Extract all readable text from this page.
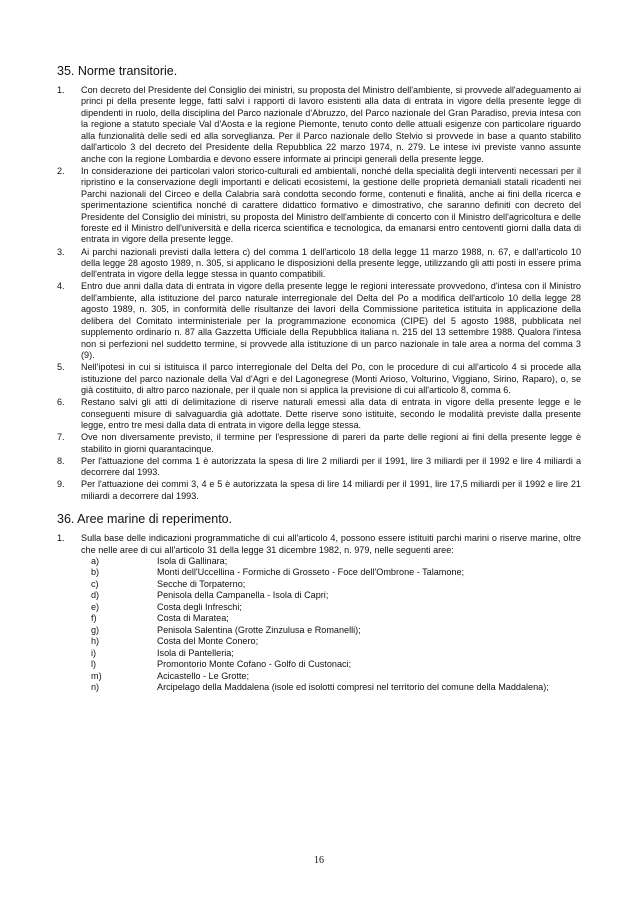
35. Norme transitorie.
1. Con decreto del Presidente del Consiglio dei ministri, su proposta del Ministro dell'ambiente, si provvede all'adeguamento ai princi pi della presente legge, fatti salvi i rapporti di lavoro esistenti alla data di entrata in vigore della presente legge di dipendenti in ruolo, della disciplina del Parco nazionale d'Abruzzo, del Parco nazionale del Gran Paradiso, previa intesa con la regione a statuto speciale Val d'Aosta e la regione Piemonte, tenuto conto delle attuali esigenze con particolare riguardo alla funzionalità delle sedi ed alla sorveglianza. Per il Parco nazionale dello Stelvio si provvede in base a quanto stabilito dall'articolo 3 del decreto del Presidente della Repubblica 22 marzo 1974, n. 279. Le intese ivi previste vanno assunte anche con la regione Lombardia e devono essere informate ai principi generali della presente legge.
2. In considerazione dei particolari valori storico-culturali ed ambientali, nonché della specialità degli interventi necessari per il ripristino e la conservazione degli importanti e delicati ecosistemi, la gestione delle proprietà demaniali statali ricadenti nei Parchi nazionali del Circeo e della Calabria sarà condotta secondo forme, contenuti e finalità, anche ai fini della ricerca e sperimentazione scientifica nonché di carattere didattico formativo e dimostrativo, che saranno definiti con decreto del Presidente del Consiglio dei ministri, su proposta del Ministro dell'ambiente di concerto con il Ministro dell'agricoltura e delle foreste ed il Ministro dell'università e della ricerca scientifica e tecnologica, da emanarsi entro centoventi giorni dalla data di entrata in vigore della presente legge.
3. Ai parchi nazionali previsti dalla lettera c) del comma 1 dell'articolo 18 della legge 11 marzo 1988, n. 67, e dall'articolo 10 della legge 28 agosto 1989, n. 305, si applicano le disposizioni della presente legge, utilizzando gli atti posti in essere prima dell'entrata in vigore della legge stessa in quanto compatibili.
4. Entro due anni dalla data di entrata in vigore della presente legge le regioni interessate provvedono, d'intesa con il Ministro dell'ambiente, alla istituzione del parco naturale interregionale del Delta del Po a modifica dell'articolo 10 della legge 28 agosto 1989, n. 305, in conformità delle risultanze dei lavori della Commissione paritetica istituita in applicazione della delibera del Comitato interministeriale per la programmazione economica (CIPE) del 5 agosto 1988, pubblicata nel supplemento ordinario n. 87 alla Gazzetta Ufficiale della Repubblica italiana n. 215 del 13 settembre 1988. Qualora l'intesa non si perfezioni nel suddetto termine, si provvede alla istituzione di un parco nazionale in tale area a norma del comma 3 (9).
5. Nell'ipotesi in cui si istituisca il parco interregionale del Delta del Po, con le procedure di cui all'articolo 4 si procede alla istituzione del parco nazionale della Val d'Agri e del Lagonegrese (Monti Arioso, Volturino, Viggiano, Sirino, Raparo), o, se già costituito, di altro parco nazionale, per il quale non si applica la previsione di cui all'articolo 8, comma 6.
6. Restano salvi gli atti di delimitazione di riserve naturali emessi alla data di entrata in vigore della presente legge e le conseguenti misure di salvaguardia già adottate. Dette riserve sono istituite, secondo le modalità previste dalla presente legge, entro tre mesi dalla data di entrata in vigore della legge stessa.
7. Ove non diversamente previsto, il termine per l'espressione di pareri da parte delle regioni ai fini della presente legge è stabilito in giorni quarantacinque.
8. Per l'attuazione del comma 1 è autorizzata la spesa di lire 2 miliardi per il 1991, lire 3 miliardi per il 1992 e lire 4 miliardi a decorrere dal 1993.
9. Per l'attuazione dei commi 3, 4 e 5 è autorizzata la spesa di lire 14 miliardi per il 1991, lire 17,5 miliardi per il 1992 e lire 21 miliardi a decorrere dal 1993.
36. Aree marine di reperimento.
1. Sulla base delle indicazioni programmatiche di cui all'articolo 4, possono essere istituiti parchi marini o riserve marine, oltre che nelle aree di cui all'articolo 31 della legge 31 dicembre 1982, n. 979, nelle seguenti aree:
a)	Isola di Gallinara;
b)	Monti dell'Uccellina - Formiche di Grosseto - Foce dell'Ombrone - Talamone;
c)	Secche di Torpaterno;
d)	Penisola della Campanella - Isola di Capri;
e)	Costa degli Infreschi;
f)	Costa di Maratea;
g)	Penisola Salentina (Grotte Zinzulusa e Romanelli);
h)	Costa del Monte Conero;
i)	Isola di Pantelleria;
l)	Promontorio Monte Cofano - Golfo di Custonaci;
m)	Acicastello - Le Grotte;
n)	Arcipelago della Maddalena (isole ed isolotti compresi nel territorio del comune della Maddalena);
16
